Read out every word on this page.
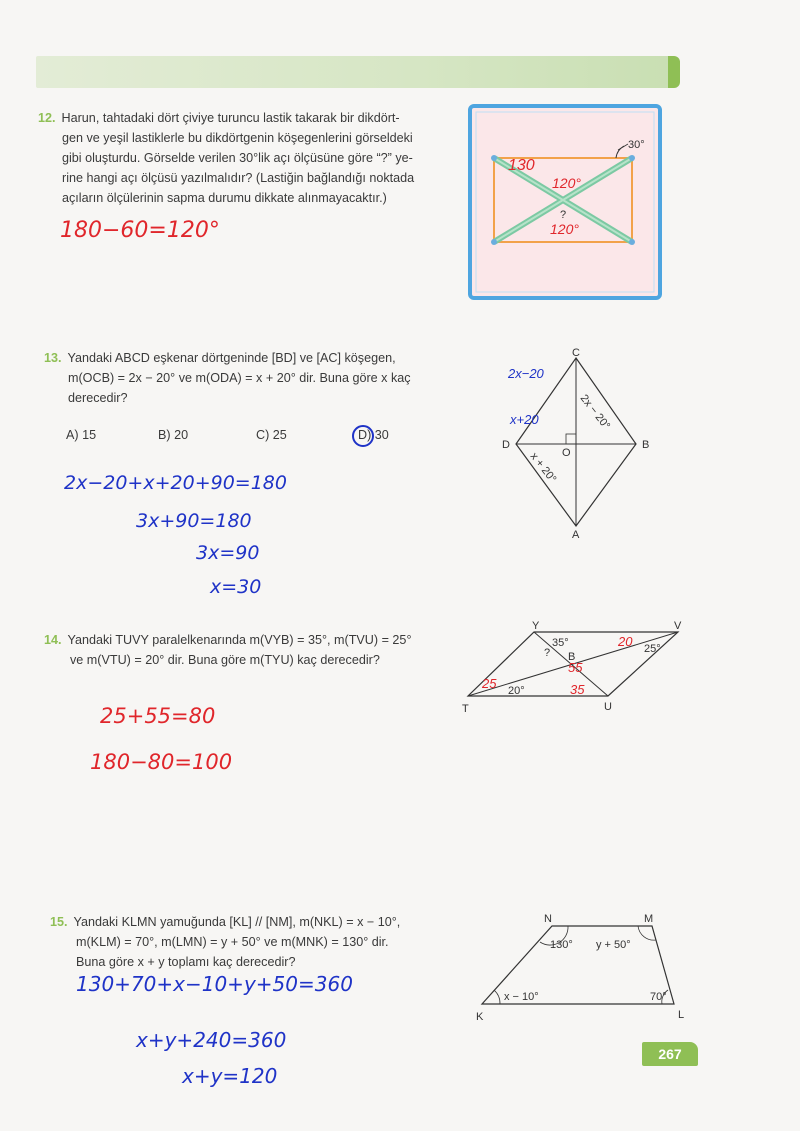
12. Harun, tahtadaki dört çiviye turuncu lastik takarak bir dikdört-
gen ve yeşil lastiklerle bu dikdörtgenin köşegenlerini görseldeki
gibi oluşturdu. Görselde verilen 30°lik açı ölçüsüne göre “?” ye-
rine hangi açı ölçüsü yazılmalıdır? (Lastiğin bağlandığı noktada
açıların ölçülerinin sapma durumu dikkate alınmayacaktır.)
180−60=120°
30°
?
130
120°
120°
13. Yandaki ABCD eşkenar dörtgeninde [BD] ve [AC] köşegen,
m(OCB) = 2x − 20° ve m(ODA) = x + 20° dir. Buna göre x kaç
derecedir?
A) 15	B) 20	C) 25	D) 30
2x−20+x+20+90=180
3x+90=180
3x=90
x=30
C
B
A
D
O
2x − 20°
x + 20°
2x−20
x+20
14. Yandaki TUVY paralelkenarında m(VYB) = 35°, m(TVU) = 25°
ve m(VTU) = 20° dir. Buna göre m(TYU) kaç derecedir?
25+55=80
180−80=100
Y	V
T	U
B
35°	25°
20°
?
20
25
55
35
15. Yandaki KLMN yamuğunda [KL] // [NM], m(NKL) = x − 10°,
m(KLM) = 70°, m(LMN) = y + 50° ve m(MNK) = 130° dir.
Buna göre x + y toplamı kaç derecedir?
130+70+x−10+y+50=360
x+y+240=360
x+y=120
N	M
K	L
130° y + 50°
x − 10°	70°
267
